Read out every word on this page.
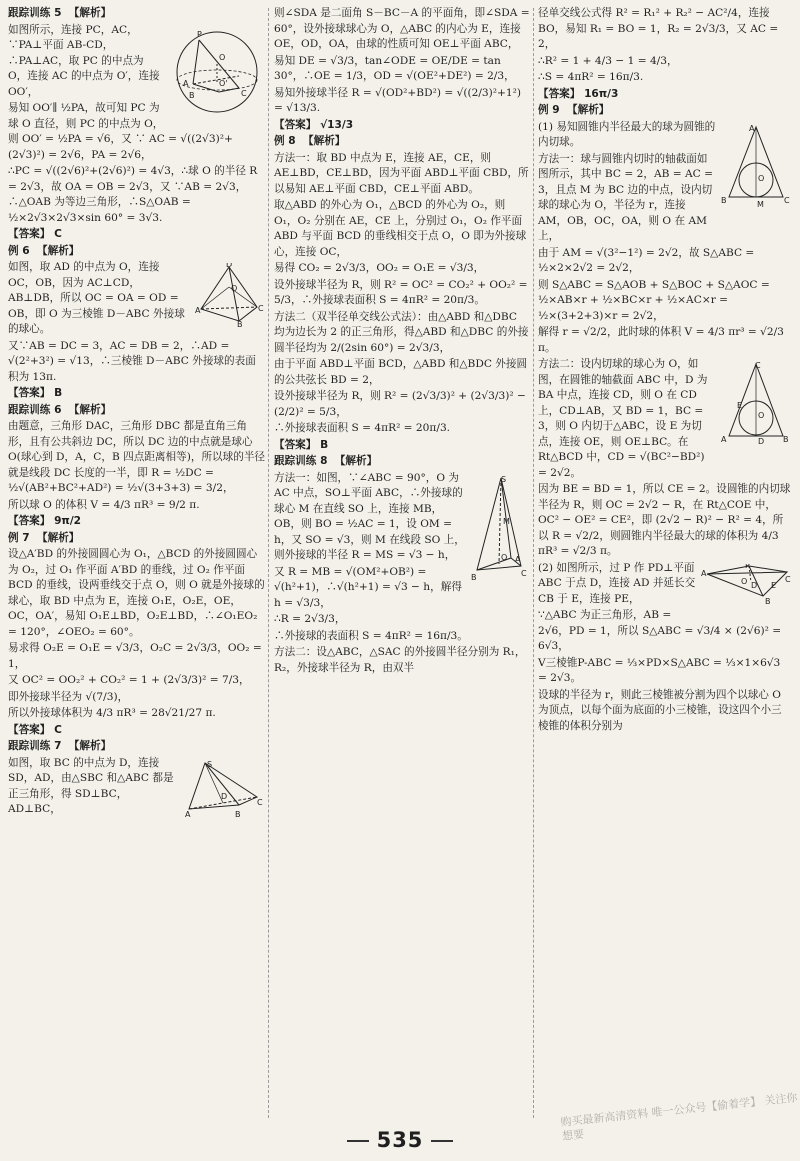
跟踪训练 5  【解析】
P
A
B
O
O'
C
如图所示，连接 PC，AC，∵PA⊥平面 AB-CD，∴PA⊥AC，取 PC 的中点为 O，连接 AC 的中点为 O′，连接 OO′，
易知 OO′∥ ½PA，故可知 PC 为球 O 直径，则 PC 的中点为 O，则 OO′ = ½PA = √6，又 ∵ AC = √((2√3)²+(2√3)²) = 2√6，PA = 2√6，
∴PC = √((2√6)²+(2√6)²) = 4√3，∴球 O 的半径 R = 2√3，故 OA = OB = 2√3，又 ∵AB = 2√3，∴△OAB 为等边三角形，∴S△OAB = ½×2√3×2√3×sin 60° = 3√3.
【答案】 C
例 6  【解析】
D
A
B
C
O
如图，取 AD 的中点为 O，连接 OC，OB，因为 AC⊥CD，AB⊥DB，所以 OC = OA = OD = OB，即 O 为三棱锥 D－ABC 外接球的球心。
又∵AB = DC = 3，AC = DB = 2，∴AD = √(2²+3²) = √13，∴三棱锥 D－ABC 外接球的表面积为 13π.
【答案】 B
跟踪训练 6  【解析】
由题意，三角形 DAC，三角形 DBC 都是直角三角形，且有公共斜边 DC，所以 DC 边的中点就是球心 O(球心到 D，A，C，B 四点距离相等)，所以球的半径就是线段 DC 长度的一半，即 R = ½DC = ½√(AB²+BC²+AD²) = ½√(3+3+3) = 3/2，
所以球 O 的体积 V = 4/3 πR³ = 9/2 π.
【答案】 9π/2
例 7  【解析】
设△A′BD 的外接圆圆心为 O₁，△BCD 的外接圆圆心为 O₂，过 O₁ 作平面 A′BD 的垂线，过 O₂ 作平面 BCD 的垂线，设两垂线交于点 O，则 O 就是外接球的球心，取 BD 中点为 E，连接 O₁E，O₂E，OE，OC，OA′，易知 O₁E⊥BD，O₂E⊥BD，∴∠O₁EO₂ = 120°，∠OEO₂ = 60°。
易求得 O₂E = O₁E = √3/3，O₂C = 2√3/3，OO₂ = 1，
又 OC² = OO₂² + CO₂² = 1 + (2√3/3)² = 7/3，
即外接球半径为 √(7/3)，
所以外接球体积为 4/3 πR³ = 28√21/27 π.
【答案】 C
跟踪训练 7  【解析】
S
A	B
C
D
如图，取 BC 的中点为 D，连接 SD，AD，由△SBC 和△ABC 都是正三角形，得 SD⊥BC，AD⊥BC，
则∠SDA 是二面角 S－BC－A 的平面角，即∠SDA = 60°，设外接球球心为 O，△ABC 的内心为 E，连接 OE，OD，OA，由球的性质可知 OE⊥平面 ABC，
易知 DE = √3/3，tan∠ODE = OE/DE = tan 30°，∴OE = 1/3，OD = √(OE²+DE²) = 2/3，
易知外接球半径 R = √(OD²+BD²) = √((2/3)²+1²) = √13/3.
【答案】 √13/3
例 8  【解析】
方法一：取 BD 中点为 E，连接 AE，CE，则 AE⊥BD，CE⊥BD，因为平面 ABD⊥平面 CBD，所以易知 AE⊥平面 CBD，CE⊥平面 ABD。
取△ABD 的外心为 O₁，△BCD 的外心为 O₂，则 O₁，O₂ 分别在 AE，CE 上，分别过 O₁，O₂ 作平面 ABD 与平面 BCD 的垂线相交于点 O，O 即为外接球心，连接 OC，
易得 CO₂ = 2√3/3，OO₂ = O₁E = √3/3，
设外接球半径为 R，则 R² = OC² = CO₂² + OO₂² = 5/3，∴外接球表面积 S = 4πR² = 20π/3。
方法二（双半径单交线公式法）：由△ABD 和△DBC 均为边长为 2 的正三角形，得△ABD 和△DBC 的外接圆半径均为 2/(2sin 60°) = 2√3/3，
由于平面 ABD⊥平面 BCD，△ABD 和△BDC 外接圆的公共弦长 BD = 2，
设外接球半径为 R，则 R² = (2√3/3)² + (2√3/3)² − (2/2)² = 5/3，
∴外接球表面积 S = 4πR² = 20π/3.
【答案】 B
跟踪训练 8  【解析】
S
A
B	C
M
O
方法一：如图，∵∠ABC = 90°，O 为 AC 中点，SO⊥平面 ABC，∴外接球的球心 M 在直线 SO 上，连接 MB，OB，则 BO = ½AC = 1，设 OM = h，又 SO = √3，则 M 在线段 SO 上，则外接球的半径 R = MS = √3 − h，
又 R = MB = √(OM²+OB²) = √(h²+1)，∴√(h²+1) = √3 − h，解得 h = √3/3，
∴R = 2√3/3，
∴外接球的表面积 S = 4πR² = 16π/3。
方法二：设△ABC，△SAC 的外接圆半径分别为 R₁，R₂，外接球半径为 R，由双半
径单交线公式得 R² = R₁² + R₂² − AC²/4，连接 BO，易知 R₁ = BO = 1，R₂ = 2√3/3，又 AC = 2，
∴R² = 1 + 4/3 − 1 = 4/3，
∴S = 4πR² = 16π/3.
【答案】 16π/3
例 9  【解析】
A
B	C
M
O
(1) 易知圆锥内半径最大的球为圆锥的内切球。
方法一：球与圆锥内切时的轴截面如图所示，其中 BC = 2，AB = AC = 3，且点 M 为 BC 边的中点，设内切球的球心为 O，半径为 r，连接 AM，OB，OC，OA，则 O 在 AM 上，
由于 AM = √(3²−1²) = 2√2，故 S△ABC = ½×2×2√2 = 2√2，
则 S△ABC = S△AOB + S△BOC + S△AOC = ½×AB×r + ½×BC×r + ½×AC×r = ½×(3+2+3)×r = 2√2，
解得 r = √2/2，此时球的体积 V = 4/3 πr³ = √2/3 π。
C
A	B
D
E
O
方法二：设内切球的球心为 O，如图，在圆锥的轴截面 ABC 中，D 为 BA 中点，连接 CD，则 O 在 CD 上，CD⊥AB，又 BD = 1，BC = 3，则 O 内切于△ABC，设 E 为切点，连接 OE，则 OE⊥BC。在 Rt△BCD 中，CD = √(BC²−BD²) = 2√2。
因为 BE = BD = 1，所以 CE = 2。设圆锥的内切球半径为 R，则 OC = 2√2 − R，在 Rt△COE 中，OC² − OE² = CE²，即 (2√2 − R)² − R² = 4，所以 R = √2/2，则圆锥内半径最大的球的体积为 4/3 πR³ = √2/3 π。
P
A
B
C
D E
O
(2) 如图所示，过 P 作 PD⊥平面 ABC 于点 D，连接 AD 并延长交 CB 于 E，连接 PE，
∵△ABC 为正三角形，AB = 2√6，PD = 1，所以 S△ABC = √3/4 × (2√6)² = 6√3，
V三棱锥P-ABC = ⅓×PD×S△ABC = ⅓×1×6√3 = 2√3。
设球的半径为 r，则此三棱锥被分割为四个以球心 O 为顶点，以每个面为底面的小三棱锥，设这四个小三棱锥的体积分别为
535
购买最新高清资料 唯一公众号【偷着学】 关注你想要
